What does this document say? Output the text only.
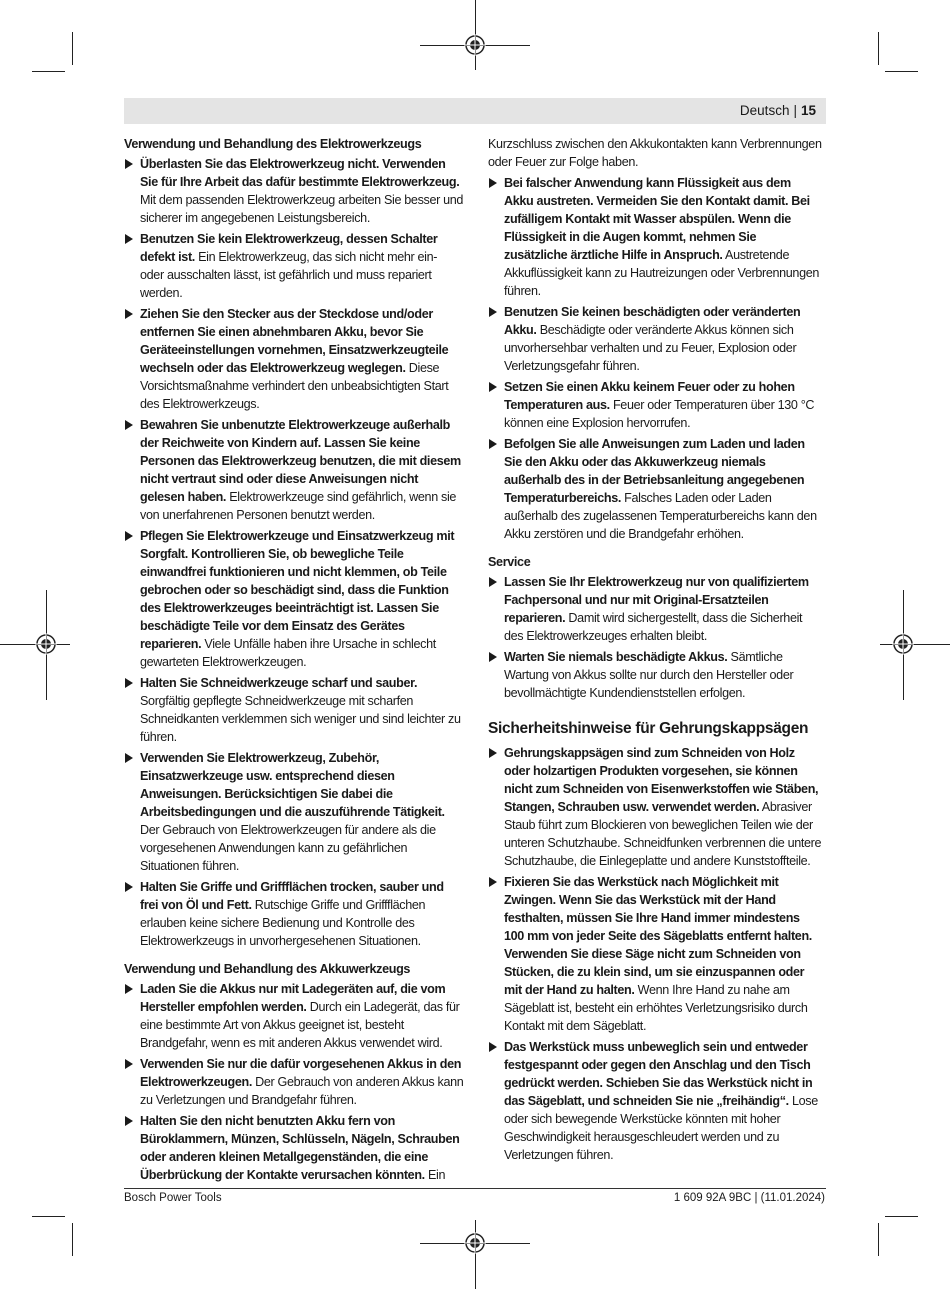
Deutsch | 15
Verwendung und Behandlung des Elektrowerkzeugs
Überlasten Sie das Elektrowerkzeug nicht. Verwenden Sie für Ihre Arbeit das dafür bestimmte Elektrowerkzeug. Mit dem passenden Elektrowerkzeug arbeiten Sie besser und sicherer im angegebenen Leistungsbereich.
Benutzen Sie kein Elektrowerkzeug, dessen Schalter defekt ist. Ein Elektrowerkzeug, das sich nicht mehr ein- oder ausschalten lässt, ist gefährlich und muss repariert werden.
Ziehen Sie den Stecker aus der Steckdose und/oder entfernen Sie einen abnehmbaren Akku, bevor Sie Geräteeinstellungen vornehmen, Einsatzwerkzeugteile wechseln oder das Elektrowerkzeug weglegen. Diese Vorsichtsmaßnahme verhindert den unbeabsichtigten Start des Elektrowerkzeugs.
Bewahren Sie unbenutzte Elektrowerkzeuge außerhalb der Reichweite von Kindern auf. Lassen Sie keine Personen das Elektrowerkzeug benutzen, die mit diesem nicht vertraut sind oder diese Anweisungen nicht gelesen haben. Elektrowerkzeuge sind gefährlich, wenn sie von unerfahrenen Personen benutzt werden.
Pflegen Sie Elektrowerkzeuge und Einsatzwerkzeug mit Sorgfalt. Kontrollieren Sie, ob bewegliche Teile einwandfrei funktionieren und nicht klemmen, ob Teile gebrochen oder so beschädigt sind, dass die Funktion des Elektrowerkzeuges beeinträchtigt ist. Lassen Sie beschädigte Teile vor dem Einsatz des Gerätes reparieren. Viele Unfälle haben ihre Ursache in schlecht gewarteten Elektrowerkzeugen.
Halten Sie Schneidwerkzeuge scharf und sauber. Sorgfältig gepflegte Schneidwerkzeuge mit scharfen Schneidkanten verklemmen sich weniger und sind leichter zu führen.
Verwenden Sie Elektrowerkzeug, Zubehör, Einsatzwerkzeuge usw. entsprechend diesen Anweisungen. Berücksichtigen Sie dabei die Arbeitsbedingungen und die auszuführende Tätigkeit. Der Gebrauch von Elektrowerkzeugen für andere als die vorgesehenen Anwendungen kann zu gefährlichen Situationen führen.
Halten Sie Griffe und Griffflächen trocken, sauber und frei von Öl und Fett. Rutschige Griffe und Griffflächen erlauben keine sichere Bedienung und Kontrolle des Elektrowerkzeugs in unvorhergesehenen Situationen.
Verwendung und Behandlung des Akkuwerkzeugs
Laden Sie die Akkus nur mit Ladegeräten auf, die vom Hersteller empfohlen werden. Durch ein Ladegerät, das für eine bestimmte Art von Akkus geeignet ist, besteht Brandgefahr, wenn es mit anderen Akkus verwendet wird.
Verwenden Sie nur die dafür vorgesehenen Akkus in den Elektrowerkzeugen. Der Gebrauch von anderen Akkus kann zu Verletzungen und Brandgefahr führen.
Halten Sie den nicht benutzten Akku fern von Büroklammern, Münzen, Schlüsseln, Nägeln, Schrauben oder anderen kleinen Metallgegenständen, die eine Überbrückung der Kontakte verursachen könnten. Ein
Kurzschluss zwischen den Akkukontakten kann Verbrennungen oder Feuer zur Folge haben.
Bei falscher Anwendung kann Flüssigkeit aus dem Akku austreten. Vermeiden Sie den Kontakt damit. Bei zufälligem Kontakt mit Wasser abspülen. Wenn die Flüssigkeit in die Augen kommt, nehmen Sie zusätzliche ärztliche Hilfe in Anspruch. Austretende Akkuflüssigkeit kann zu Hautreizungen oder Verbrennungen führen.
Benutzen Sie keinen beschädigten oder veränderten Akku. Beschädigte oder veränderte Akkus können sich unvorhersehbar verhalten und zu Feuer, Explosion oder Verletzungsgefahr führen.
Setzen Sie einen Akku keinem Feuer oder zu hohen Temperaturen aus. Feuer oder Temperaturen über 130 °C können eine Explosion hervorrufen.
Befolgen Sie alle Anweisungen zum Laden und laden Sie den Akku oder das Akkuwerkzeug niemals außerhalb des in der Betriebsanleitung angegebenen Temperaturbereichs. Falsches Laden oder Laden außerhalb des zugelassenen Temperaturbereichs kann den Akku zerstören und die Brandgefahr erhöhen.
Service
Lassen Sie Ihr Elektrowerkzeug nur von qualifiziertem Fachpersonal und nur mit Original-Ersatzteilen reparieren. Damit wird sichergestellt, dass die Sicherheit des Elektrowerkzeuges erhalten bleibt.
Warten Sie niemals beschädigte Akkus. Sämtliche Wartung von Akkus sollte nur durch den Hersteller oder bevollmächtigte Kundendienststellen erfolgen.
Sicherheitshinweise für Gehrungskappsägen
Gehrungskappsägen sind zum Schneiden von Holz oder holzartigen Produkten vorgesehen, sie können nicht zum Schneiden von Eisenwerkstoffen wie Stäben, Stangen, Schrauben usw. verwendet werden. Abrasiver Staub führt zum Blockieren von beweglichen Teilen wie der unteren Schutzhaube. Schneidfunken verbrennen die untere Schutzhaube, die Einlegeplatte und andere Kunststoffteile.
Fixieren Sie das Werkstück nach Möglichkeit mit Zwingen. Wenn Sie das Werkstück mit der Hand festhalten, müssen Sie Ihre Hand immer mindestens 100 mm von jeder Seite des Sägeblatts entfernt halten. Verwenden Sie diese Säge nicht zum Schneiden von Stücken, die zu klein sind, um sie einzuspannen oder mit der Hand zu halten. Wenn Ihre Hand zu nahe am Sägeblatt ist, besteht ein erhöhtes Verletzungsrisiko durch Kontakt mit dem Sägeblatt.
Das Werkstück muss unbeweglich sein und entweder festgespannt oder gegen den Anschlag und den Tisch gedrückt werden. Schieben Sie das Werkstück nicht in das Sägeblatt, und schneiden Sie nie „freihändig“. Lose oder sich bewegende Werkstücke könnten mit hoher Geschwindigkeit herausgeschleudert werden und zu Verletzungen führen.
Bosch Power Tools	1 609 92A 9BC | (11.01.2024)
